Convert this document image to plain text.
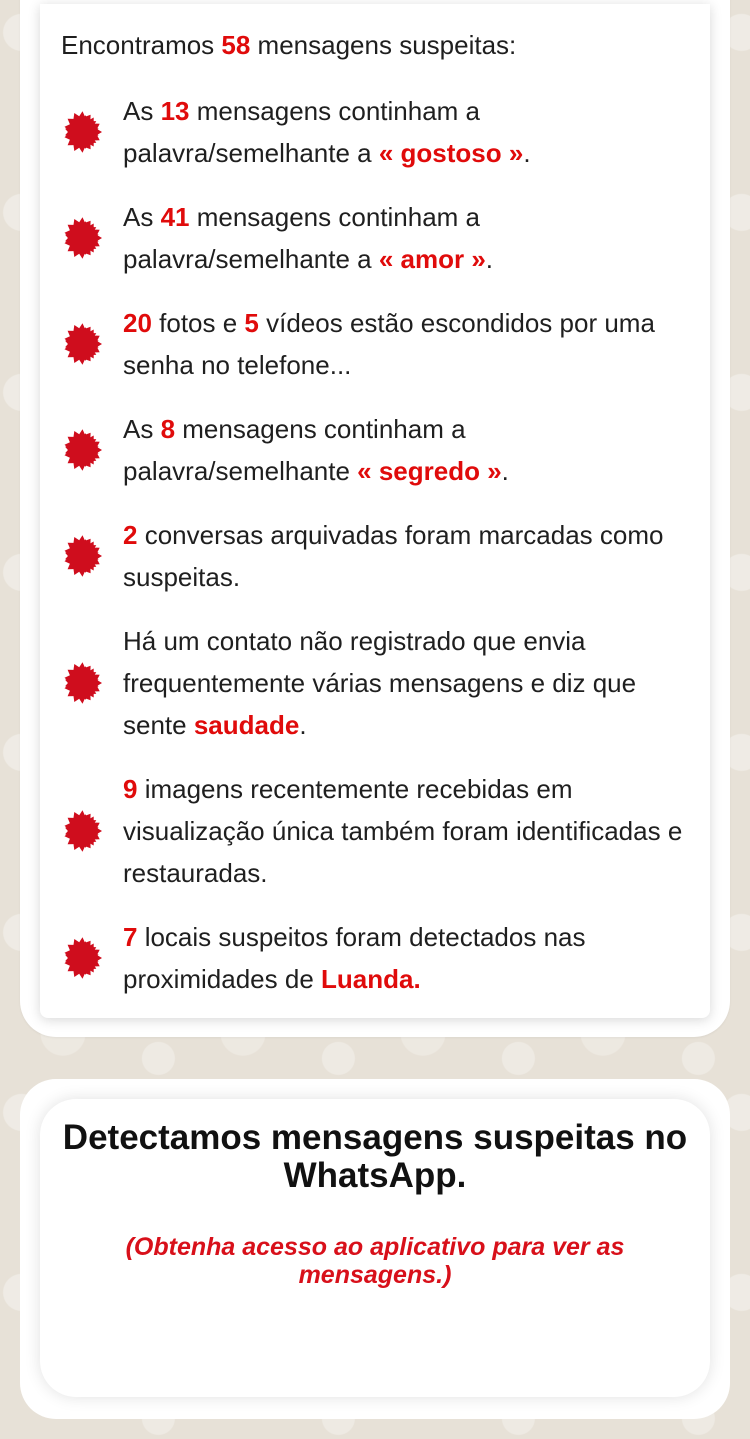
Encontramos 58 mensagens suspeitas:

As 13 mensagens continham a palavra/semelhante a « gostoso ».

As 41 mensagens continham a palavra/semelhante a « amor ».

20 fotos e 5 vídeos estão escondidos por uma senha no telefone...

As 8 mensagens continham a palavra/semelhante « segredo ».

2 conversas arquivadas foram marcadas como suspeitas.

Há um contato não registrado que envia frequentemente várias mensagens e diz que sente saudade.

9 imagens recentemente recebidas em visualização única também foram identificadas e restauradas.

7 locais suspeitos foram detectados nas proximidades de Luanda.

Detectamos mensagens suspeitas no WhatsApp.

(Obtenha acesso ao aplicativo para ver as mensagens.)
